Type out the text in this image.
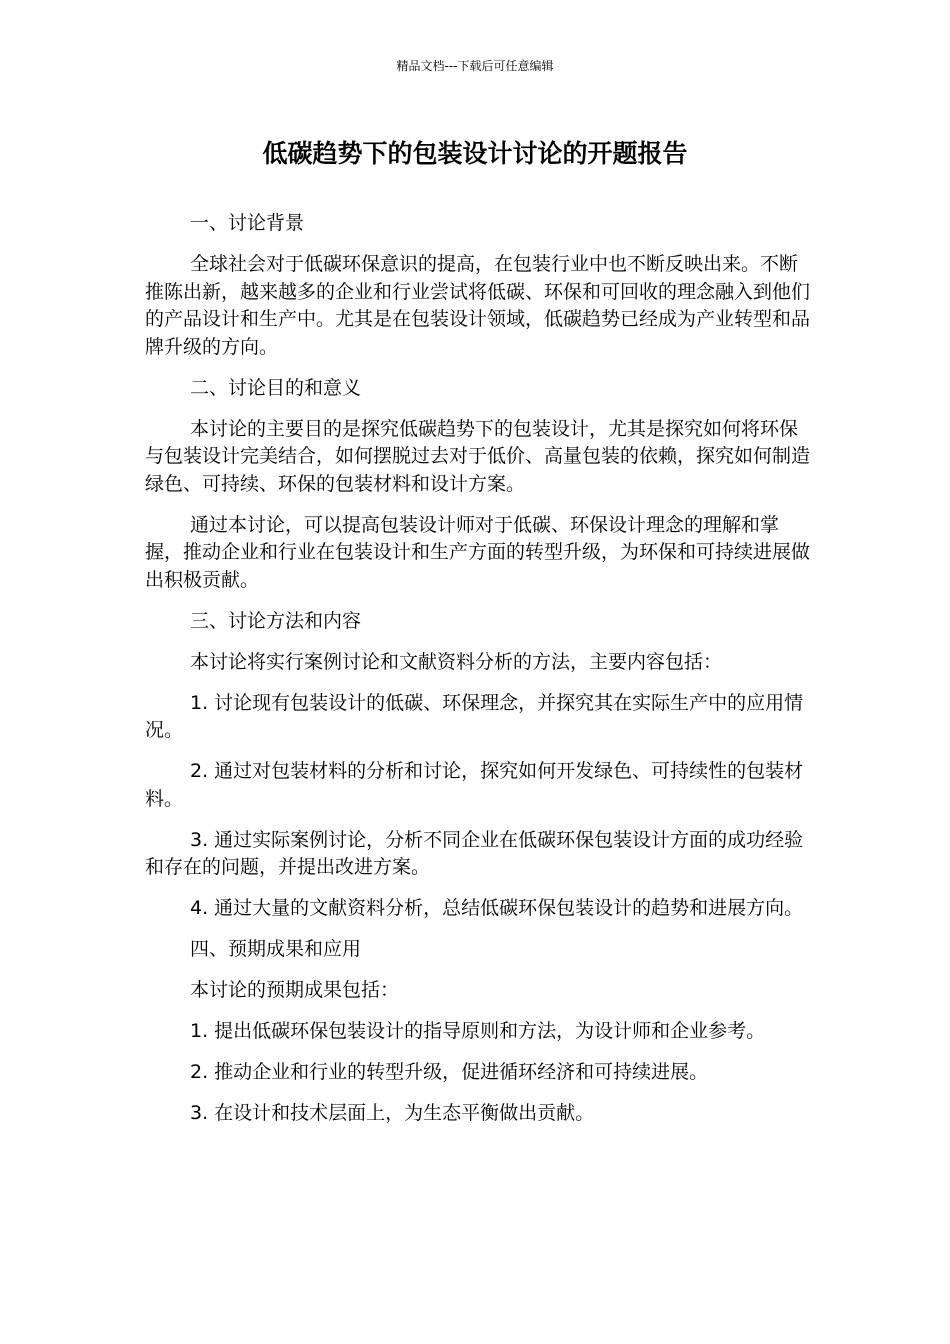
精品文档---下载后可任意编辑
低碳趋势下的包装设计讨论的开题报告

一、讨论背景

全球社会对于低碳环保意识的提高，在包装行业中也不断反映出来。不断推陈出新，越来越多的企业和行业尝试将低碳、环保和可回收的理念融入到他们的产品设计和生产中。尤其是在包装设计领域，低碳趋势已经成为产业转型和品牌升级的方向。

二、讨论目的和意义

本讨论的主要目的是探究低碳趋势下的包装设计，尤其是探究如何将环保与包装设计完美结合，如何摆脱过去对于低价、高量包装的依赖，探究如何制造绿色、可持续、环保的包装材料和设计方案。

通过本讨论，可以提高包装设计师对于低碳、环保设计理念的理解和掌握，推动企业和行业在包装设计和生产方面的转型升级，为环保和可持续进展做出积极贡献。

三、讨论方法和内容

本讨论将实行案例讨论和文献资料分析的方法，主要内容包括：

1. 讨论现有包装设计的低碳、环保理念，并探究其在实际生产中的应用情况。

2. 通过对包装材料的分析和讨论，探究如何开发绿色、可持续性的包装材料。

3. 通过实际案例讨论，分析不同企业在低碳环保包装设计方面的成功经验和存在的问题，并提出改进方案。

4. 通过大量的文献资料分析，总结低碳环保包装设计的趋势和进展方向。

四、预期成果和应用

本讨论的预期成果包括：

1. 提出低碳环保包装设计的指导原则和方法，为设计师和企业参考。

2. 推动企业和行业的转型升级，促进循环经济和可持续进展。

3. 在设计和技术层面上，为生态平衡做出贡献。
